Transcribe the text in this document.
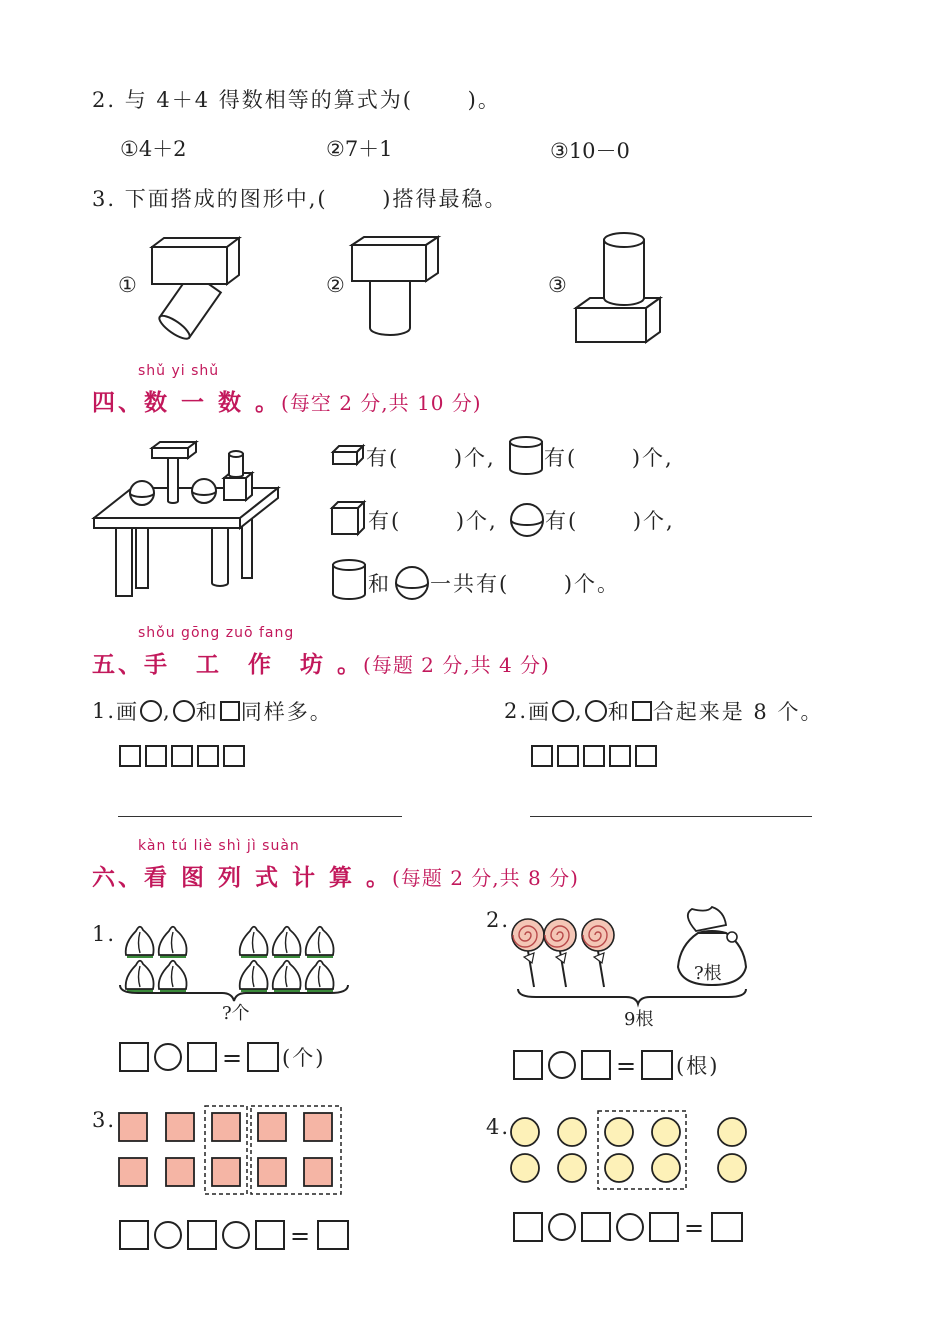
2. 与 4＋4 得数相等的算式为(　　 )。
①4＋2	②7＋1	③10－0
3. 下面搭成的图形中,(　　 )搭得最稳。
①	②	③
shǔ yi shǔ
四、数 一 数 。(每空 2 分,共 10 分)
有(　　 )个, 有(　　 )个,
有(　　 )个, 有(　　 )个,
和 一共有(　　 )个。
shǒu gōng zuō fang
五、手　工　作　坊 。(每题 2 分,共 4 分)
1. 画 , 和 同样多。	2. 画 , 和 合起来是 8 个。
kàn tú liè shì jì suàn
六、看 图 列 式 计 算 。(每题 2 分,共 8 分)
1.
?个
= (个)
2.
?根
9根
= (根)
3.
=
4.
=
